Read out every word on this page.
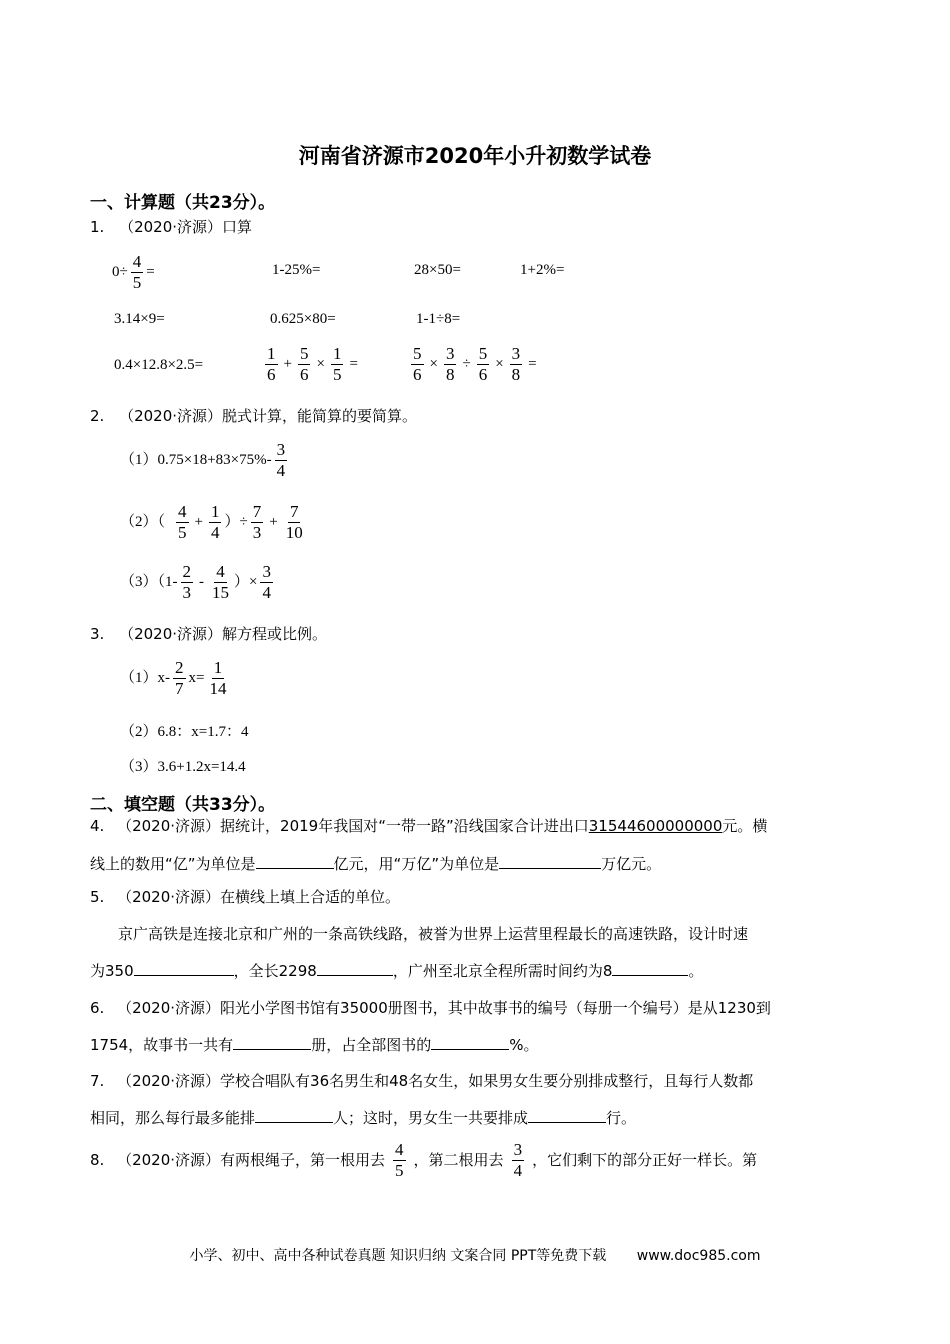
河南省济源市2020年小升初数学试卷
一、计算题（共23分）。
1. （2020·济源）口算
$0\div \frac{4}{5}$ =	1-25%=	28×50=	1+2%=
3.14×9=	0.625×80=	1-1÷8=
0.4×12.8×2.5=	$\frac{1}{6} + \frac{5}{6} \times \frac{1}{5}$ =	$\frac{5}{6} \times \frac{3}{8} \div \frac{5}{6} \times \frac{3}{8}$ =
2. （2020·济源）脱式计算，能简算的要简算。
$(1)0.75\times 18+83\times 75\%- \frac{3}{4}$
$(2)( \frac{4}{5} + \frac{1}{4}$ ）÷ $\frac{7}{3} + \frac{7}{10}$
$(3)(1- \frac{2}{3} - \frac{4}{15}$ ）× $\frac{3}{4}$
3. （2020·济源）解方程或比例。
$(1)x- \frac{2}{7} x= \frac{1}{14}$
（2）6.8：x=1.7：4
（3）3.6+1.2x=14.4
二、填空题（共33分）。
4. （2020·济源）据统计，2019年我国对“一带一路”沿线国家合计进出口31544600000000元。横
线上的数用“亿”为单位是	亿元，用“万亿”为单位是	万亿元。
5. （2020·济源）在横线上填上合适的单位。
京广高铁是连接北京和广州的一条高铁线路，被誉为世界上运营里程最长的高速铁路，设计时速
为350	，全长2298	，广州至北京全程所需时间约为8	。
6. （2020·济源）阳光小学图书馆有35000册图书，其中故事书的编号（每册一个编号）是从1230到
1754，故事书一共有	册，占全部图书的	%。
7. （2020·济源）学校合唱队有36名男生和48名女生，如果男女生要分别排成整行，且每行人数都
相同，那么每行最多能排	人；这时，男女生一共要排成	行。
8. （2020·济源）有两根绳子，第一根用去 $\frac{4}{5}$ ，第二根用去 $\frac{3}{4}$ ，它们剩下的部分正好一样长。第
小学、初中、高中各种试卷真题 知识归纳 文案合同 PPT等免费下载 www.doc985.com
